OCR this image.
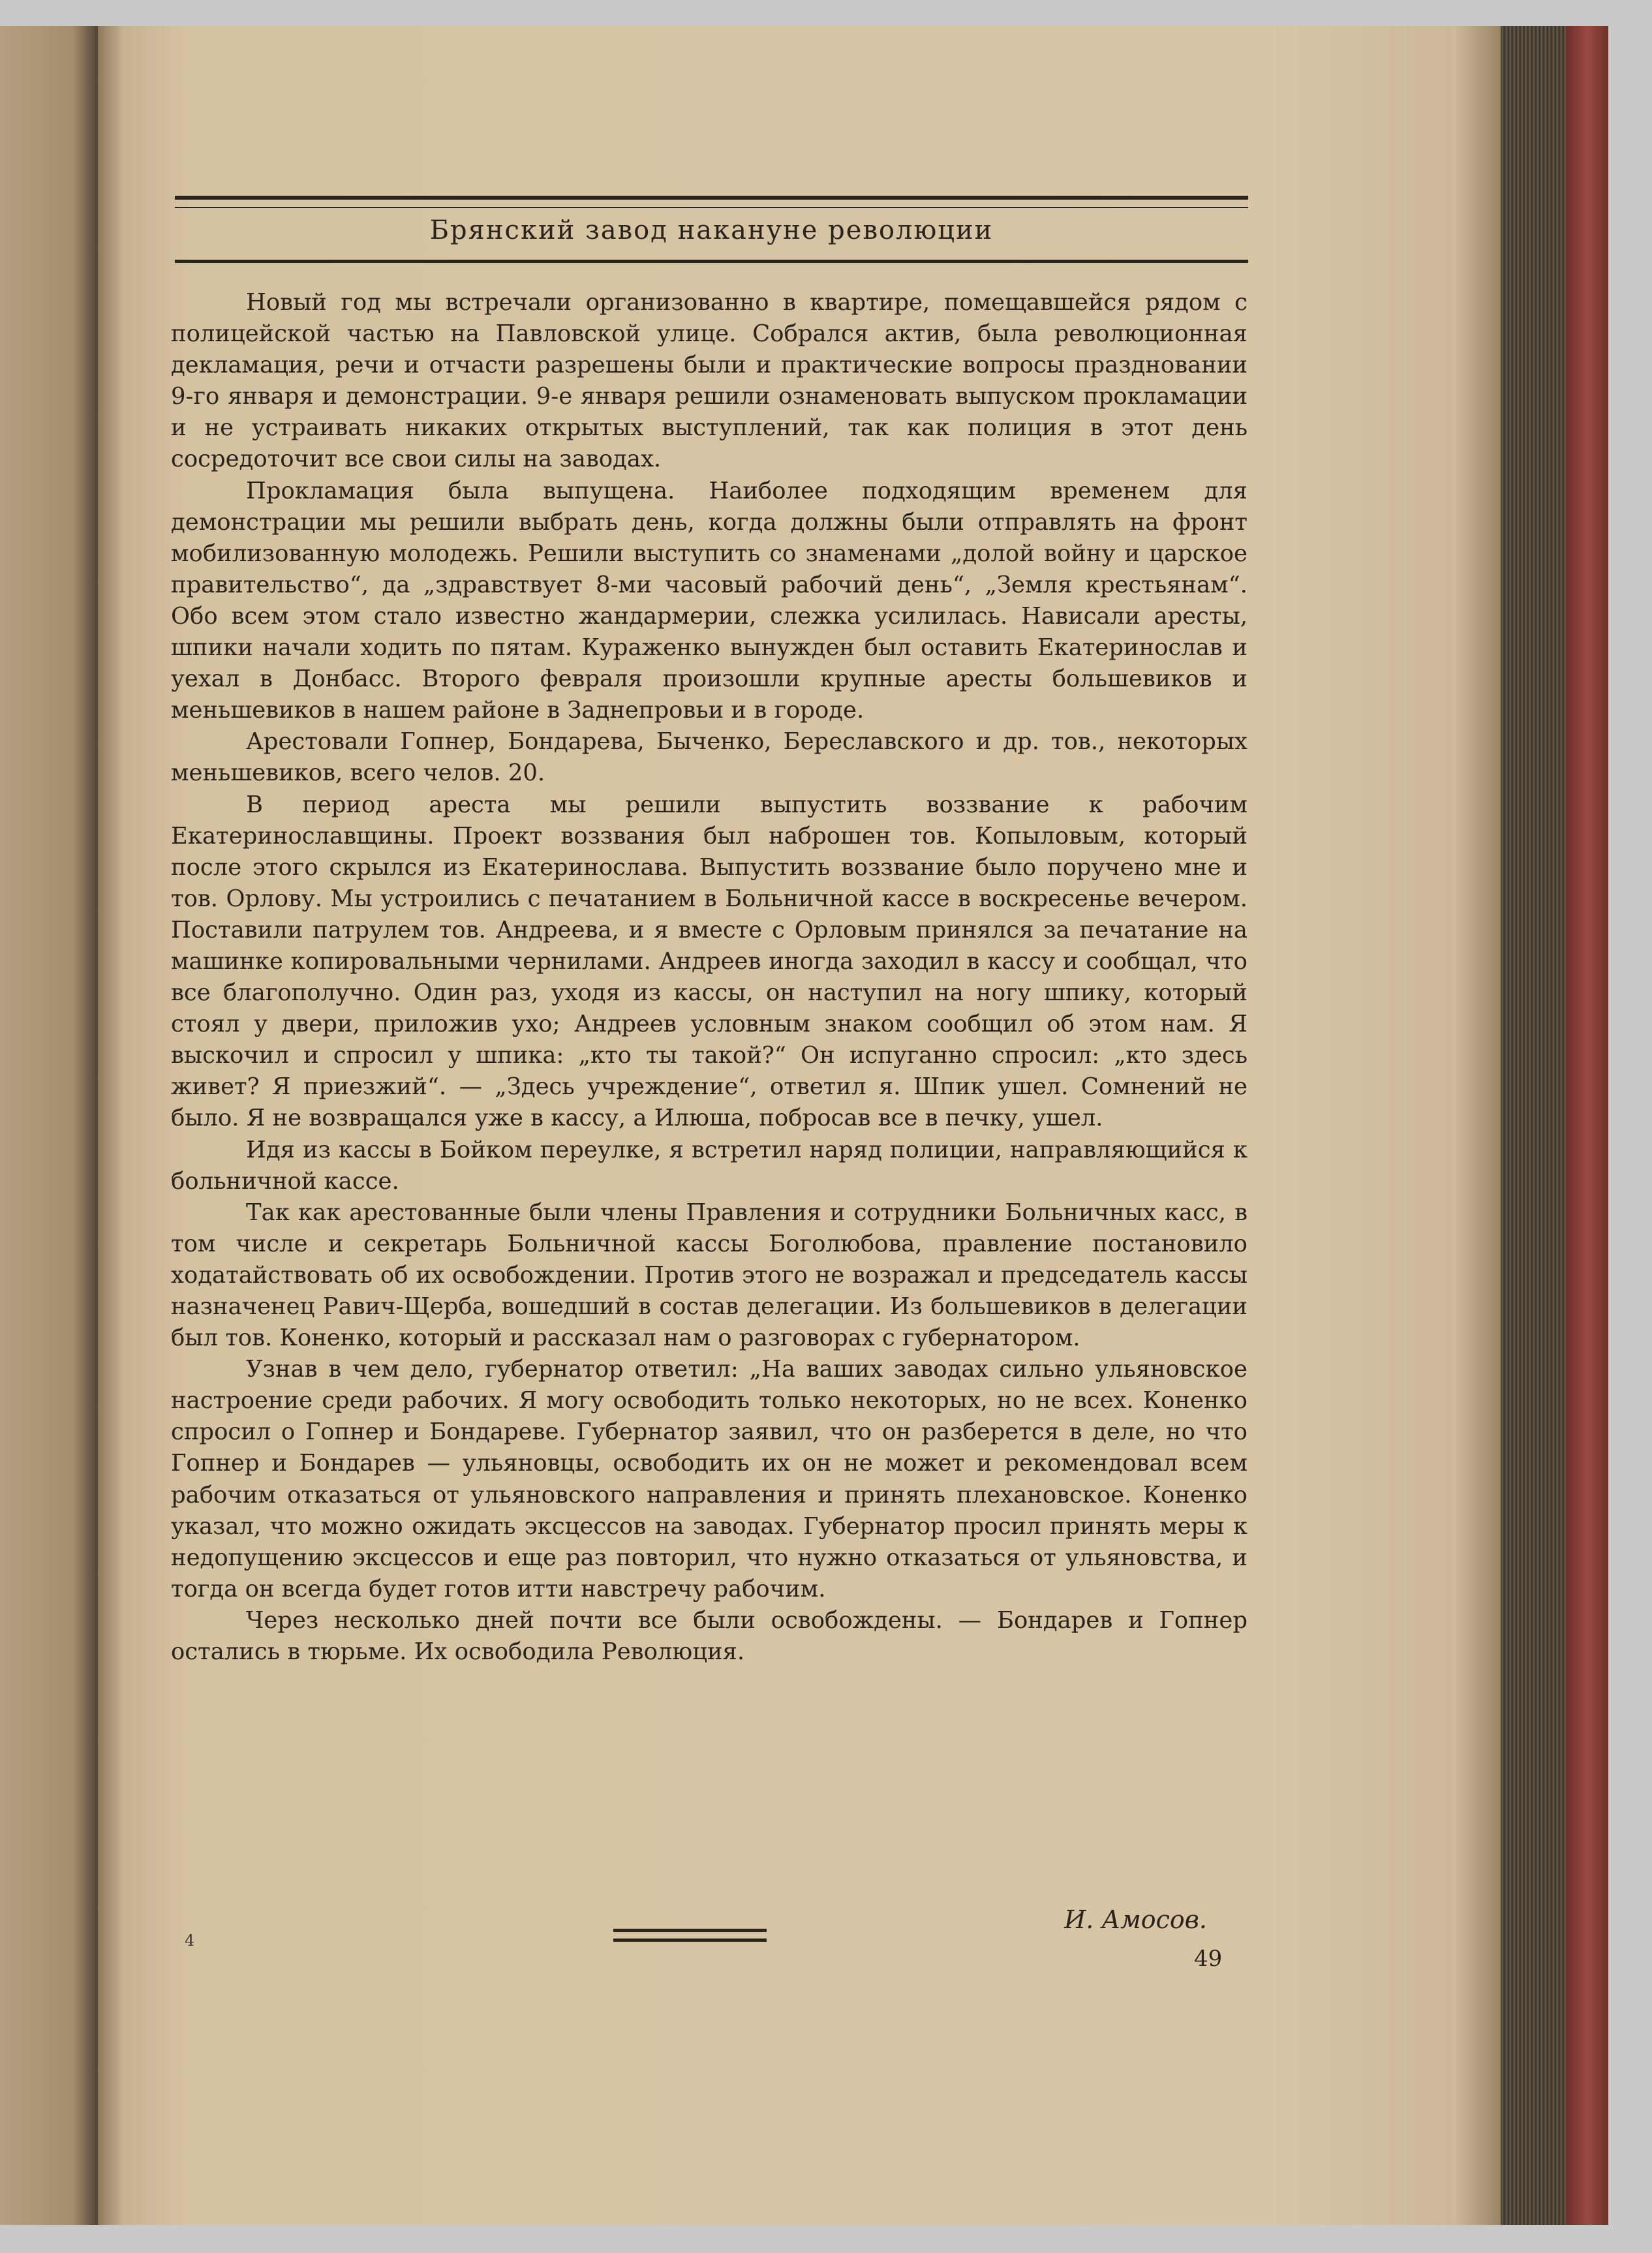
Брянский завод накануне революции

Новый год мы встречали организованно в квартире, помещавшейся рядом с полицейской частью на Павловской улице. Собрался актив, была революционная декламация, речи и отчасти разрешены были и практические вопросы праздновании 9-го января и демонстрации. 9-е января решили ознаменовать выпуском прокламации и не устраивать никаких открытых выступлений, так как полиция в этот день сосредоточит все свои силы на заводах.

Прокламация была выпущена. Наиболее подходящим временем для демонстрации мы решили выбрать день, когда должны были отправлять на фронт мобилизованную молодежь. Решили выступить со знаменами „долой войну и царское правительство“, да „здравствует 8-ми часовый рабочий день“, „Земля крестьянам“. Обо всем этом стало известно жандармерии, слежка усилилась. Нависали аресты, шпики начали ходить по пятам. Кураженко вынужден был оставить Екатеринослав и уехал в Донбасс. Второго февраля произошли крупные аресты большевиков и меньшевиков в нашем районе в Заднепровьи и в городе.

Арестовали Гопнер, Бондарева, Быченко, Береславского и др. тов., некоторых меньшевиков, всего челов. 20.

В период ареста мы решили выпустить воззвание к рабочим Екатеринославщины. Проект воззвания был наброшен тов. Копыловым, который после этого скрылся из Екатеринослава. Выпустить воззвание было поручено мне и тов. Орлову. Мы устроились с печатанием в Больничной кассе в воскресенье вечером. Поставили патрулем тов. Андреева, и я вместе с Орловым принялся за печатание на машинке копировальными чернилами. Андреев иногда заходил в кассу и сообщал, что все благополучно. Один раз, уходя из кассы, он наступил на ногу шпику, который стоял у двери, приложив ухо; Андреев условным знаком сообщил об этом нам. Я выскочил и спросил у шпика: „кто ты такой?“ Он испуганно спросил: „кто здесь живет? Я приезжий“. — „Здесь учреждение“, ответил я. Шпик ушел. Сомнений не было. Я не возвращался уже в кассу, а Илюша, побросав все в печку, ушел.

Идя из кассы в Бойком переулке, я встретил наряд полиции, направляющийся к больничной кассе.

Так как арестованные были члены Правления и сотрудники Больничных касс, в том числе и секретарь Больничной кассы Боголюбова, правление постановило ходатайствовать об их освобождении. Против этого не возражал и председатель кассы назначенец Равич-Щерба, вошедший в состав делегации. Из большевиков в делегации был тов. Коненко, который и рассказал нам о разговорах с губернатором.

Узнав в чем дело, губернатор ответил: „На ваших заводах сильно ульяновское настроение среди рабочих. Я могу освободить только некоторых, но не всех. Коненко спросил о Гопнер и Бондареве. Губернатор заявил, что он разберется в деле, но что Гопнер и Бондарев — ульяновцы, освободить их он не может и рекомендовал всем рабочим отказаться от ульяновского направления и принять плехановское. Коненко указал, что можно ожидать эксцессов на заводах. Губернатор просил принять меры к недопущению эксцессов и еще раз повторил, что нужно отказаться от ульяновства, и тогда он всегда будет готов итти навстречу рабочим.

Через несколько дней почти все были освобождены. — Бондарев и Гопнер остались в тюрьме. Их освободила Революция.

И. Амосов.
4
49
